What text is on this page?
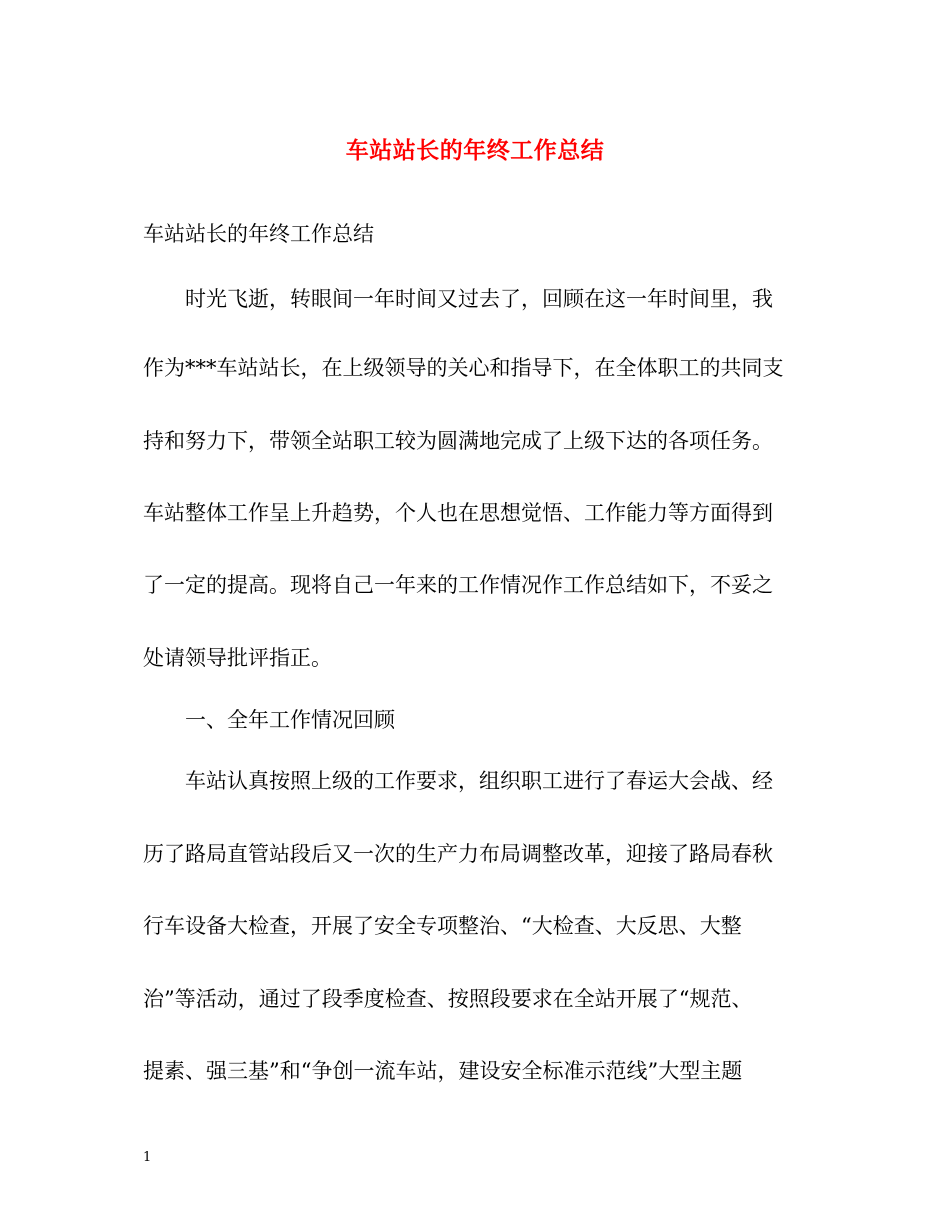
车站站长的年终工作总结
车站站长的年终工作总结
时光飞逝，转眼间一年时间又过去了，回顾在这一年时间里，我
作为***车站站长，在上级领导的关心和指导下，在全体职工的共同支
持和努力下，带领全站职工较为圆满地完成了上级下达的各项任务。
车站整体工作呈上升趋势，个人也在思想觉悟、工作能力等方面得到
了一定的提高。现将自己一年来的工作情况作工作总结如下，不妥之
处请领导批评指正。
一、全年工作情况回顾
车站认真按照上级的工作要求，组织职工进行了春运大会战、经
历了路局直管站段后又一次的生产力布局调整改革，迎接了路局春秋
行车设备大检查，开展了安全专项整治、“大检查、大反思、大整
治”等活动，通过了段季度检查、按照段要求在全站开展了“规范、
提素、强三基”和“争创一流车站，建设安全标准示范线”大型主题
1
